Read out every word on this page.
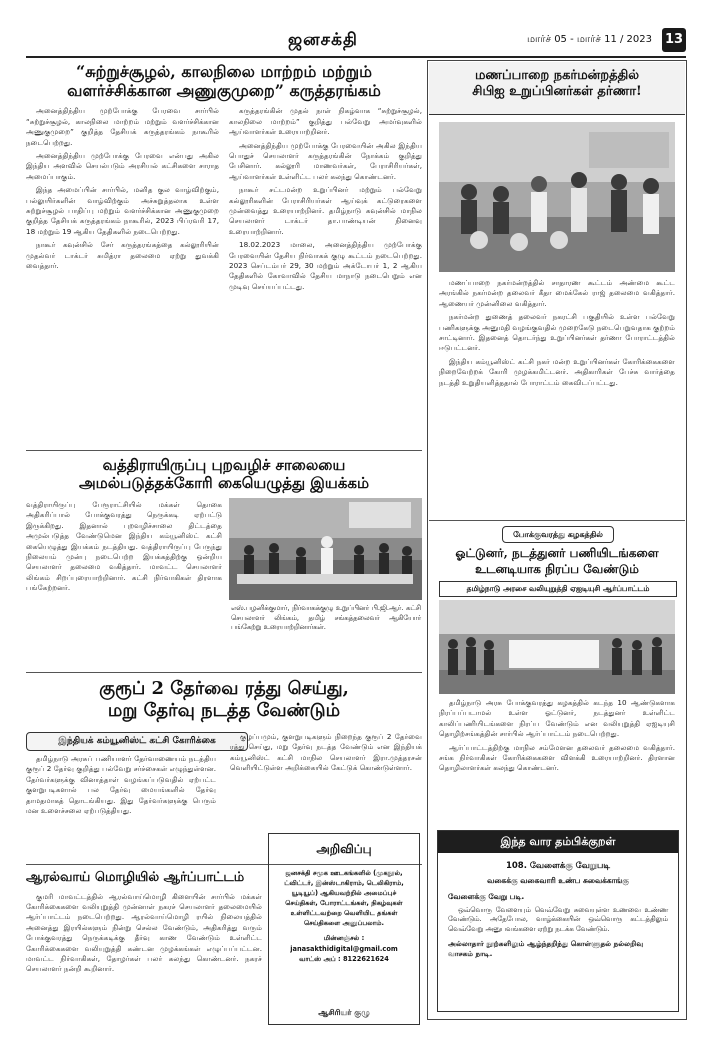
ஜனசக்தி	மார்ச் 05 - மார்ச் 11 / 2023 13
“சுற்றுச்சூழல், காலநிலை மாற்றம் மற்றும்
வளர்ச்சிக்கான அணுகுமுறை” கருத்தரங்கம்

அனைத்திந்திய முற்போக்கு பேரவை சார்பில் “சுற்றுச்சூழல், காலநிலை மாற்றம் மற்றும் வளர்ச்சிக்கான அணுகுமுறை” குறித்த தேசியக் கருத்தரங்கம் நாகூரில் நடைபெற்றது.

அனைத்திந்திய முற்போக்கு பேரவை என்பது அகில இந்திய அளவில் செயல்படும் அரசியல் கட்சிகளை சாராத அமைப்பாகும்.

இந்த அமைப்பின் சார்பில், மனித குல வாழ்விற்கும், பல்லுயிர்களின் வாழ்விற்கும் அச்சுறுத்தலாக உள்ள சுற்றுச்சூழல் பாதிப்பு மற்றும் வளர்ச்சிக்கான அணுகுமுறை குறித்த தேசியக் கருத்தரங்கம் நாகூரில், 2023 பிப்ரவரி 17, 18 மற்றும் 19 ஆகிய தேதிகளில் நடைபெற்றது.

நாகூர் கவுன்சில் சேர் கருத்தரங்கத்தை கல்லூரியின் முதல்வர் டாக்டர் சுமித்ரா தலைமை ஏற்று துவக்கி வைத்தார்.

கருத்தரங்கின் முதல் நாள் நிகழ்வாக “சுற்றுச்சூழல், காலநிலை மாற்றம்” குறித்து பல்வேறு அமர்வுகளில் ஆய்வாளர்கள் உரையாற்றினர்.

அனைத்திந்திய முற்போக்கு பேரவையின் அகில இந்திய பொதுச் செயலாளர் கருத்தரங்கின் நோக்கம் குறித்து பேசினார். கல்லூரி மாணவர்கள், பேராசிரியர்கள், ஆய்வாளர்கள் உள்ளிட்ட பலர் கலந்து கொண்டனர்.

நாகூர் சட்டமன்ற உறுப்பினர் மற்றும் பல்வேறு கல்லூரிகளின் பேராசிரியர்கள் ஆய்வுக் கட்டுரைகளை முன்வைத்து உரையாற்றினர். தமிழ்நாடு கவுன்சில் மாநில செயலாளர் டாக்டர் தா.பாண்டியன் நினைவு உரையாற்றினார்.

18.02.2023 மாலை, அனைத்திந்திய முற்போக்கு பேரவையின் தேசிய நிர்வாகக் குழு கூட்டம் நடைபெற்றது. 2023 செப்டம்பர் 29, 30 மற்றும் அக்டோபர் 1, 2 ஆகிய தேதிகளில் கோவாவில் தேசிய மாநாடு நடைபெறும் என முடிவு செய்யப்பட்டது.

வத்திராயிருப்பு புறவழிச் சாலையை
அமல்படுத்தக்கோரி கையெழுத்து இயக்கம்
வத்திராயிருப்பு பேரூராட்சியில் மக்கள் தொகை அதிகரிப்பால் போக்குவரத்து நெருக்கடி ஏற்பட்டு இருக்கிறது. இதனால் புறவழிச்சாலை திட்டத்தை அமுல்படுத்த வேண்டுமென இந்திய கம்யூனிஸ்ட் கட்சி கையெழுத்து இயக்கம் நடத்தியது. வத்திராயிருப்பு பேருந்து நிலையம் முன்பு நடைபெற்ற இயக்கத்திற்கு ஒன்றிய செயலாளர் தலைமை வகித்தார். மாவட்ட செயலாளர் லிங்கம் சிறப்புரையாற்றினார். கட்சி நிர்வாகிகள் திரளாக பங்கேற்றனர்.
எஸ்.பழனிக்குமார், நிர்வாகக்குழு உறுப்பினர் பி.ஜி.ஆர். கட்சி செயலாளர் லிங்கம், தமிழ் சங்கத்தலைவர் ஆகியோர் பங்கேற்று உரையாற்றினார்கள்.
குரூப் 2 தேர்வை ரத்து செய்து,
மறு தேர்வு நடத்த வேண்டும்
இந்தியக் கம்யூனிஸ்ட் கட்சி கோரிக்கை
தமிழ்நாடு அரசுப் பணியாளர் தேர்வாணையம் நடத்திய குரூப் 2 தேர்வு குறித்து பல்வேறு சர்ச்சைகள் எழுந்துள்ளன. தேர்வர்களுக்கு வினாத்தாள் வழங்கப்படுவதில் ஏற்பட்ட குளறுபடிகளால் பல தேர்வு மையங்களில் தேர்வு தாமதமாகத் தொடங்கியது. இது தேர்வர்களுக்கு பெரும் மன உளைச்சலை ஏற்படுத்தியது.
குழப்பமும், குளறுபடிகளும் நிறைந்த குரூப் 2 தேர்வை ரத்து செய்து, மறு தேர்வு நடத்த வேண்டும் என இந்தியக் கம்யூனிஸ்ட் கட்சி மாநில செயலாளர் இரா.முத்தரசன் வெளியிட்டுள்ள அறிக்கையில் கேட்டுக் கொண்டுள்ளார்.
ஆரல்வாய் மொழியில் ஆர்ப்பாட்டம்
குமரி மாவட்டத்தில் ஆரல்வாய்மொழி கிளையின் சார்பில் மக்கள் கோரிக்கைகளை வலியுறுத்தி முன்னாள் நகரச் செயலாளர் தலைமையில் ஆர்ப்பாட்டம் நடைபெற்றது. ஆரல்வாய்மொழி ரயில் நிலையத்தில் அனைத்து இரயில்களும் நின்று செல்ல வேண்டும், அதிகரித்து வரும் போக்குவரத்து நெருக்கடிக்கு தீர்வு காண வேண்டும் உள்ளிட்ட கோரிக்கைகளை வலியுறுத்தி கண்டன முழக்கங்கள் எழுப்பப்பட்டன. மாவட்ட நிர்வாகிகள், தோழர்கள் பலர் கலந்து கொண்டனர். நகரச் செயலாளர் நன்றி கூறினார்.
அறிவிப்பு
ஜனசக்தி சமூக ஊடகங்களில் (முகநூல், ட்விட்டர், இன்ஸ்டாகிராம், டெலிகிராம், யூடியூப்) ஆகியவற்றில் அமைப்புச் செய்திகள், போராட்டங்கள், நிகழ்வுகள் உள்ளிட்டவற்றை வெளியிட தங்கள் செய்திகளை அனுப்பலாம்.
மின்னஞ்சல் :
janasakthidigital@gmail.com
வாட்ஸ் அப் : 8122621624
ஆசிரியர் குழு
மணப்பாறை நகர்மன்றத்தில்
சிபிஐ உறுப்பினர்கள் தர்ணா!

மணப்பாறை நகர்மன்றத்தில் சாதாரண கூட்டம் அண்மை கூட்ட அரங்கில் நகர்மன்ற தலைவர் கீதா மைக்கேல் ராஜ் தலைமை வகித்தார். ஆணையர் முன்னிலை வகித்தார்.

நகர்மன்ற துணைத் தலைவர் நகரட்சி பகுதியில் உள்ள பல்வேறு பணிகளுக்கு அனுமதி வழங்குவதில் முறைகேடு நடைபெறுவதாக குற்றம் சாட்டினார். இதனைத் தொடர்ந்து உறுப்பினர்கள் தர்ணா போராட்டத்தில் ஈடுபட்டனர்.

இந்திய கம்யூனிஸ்ட் கட்சி நகர் மன்ற உறுப்பினர்கள் கோரிக்கைகளை நிறைவேற்றக் கோரி முழக்கமிட்டனர். அதிகாரிகள் பேச்சு வார்த்தை நடத்தி உறுதியளித்ததால் போராட்டம் கைவிடப்பட்டது.

போக்குவரத்து கழகத்தில்
ஓட்டுனர், நடத்துனர் பணியிடங்களை
உடனடியாக நிரப்ப வேண்டும்
தமிழ்நாடு அரசை வலியுறுத்தி ஏஐடியுசி ஆர்ப்பாட்டம்

தமிழ்நாடு அரசு போக்குவரத்து கழகத்தில் கடந்த 10 ஆண்டுகளாக நிரப்பப்படாமல் உள்ள ஓட்டுனர், நடத்துனர் உள்ளிட்ட காலிப்பணியிடங்களை நிரப்ப வேண்டும் என வலியுறுத்தி ஏஐடியுசி தொழிற்சங்கத்தின் சார்பில் ஆர்ப்பாட்டம் நடைபெற்றது.

ஆர்ப்பாட்டத்திற்கு மாநில சம்மேளன தலைவர் தலைமை வகித்தார். சங்க நிர்வாகிகள் கோரிக்கைகளை விளக்கி உரையாற்றினர். திரளான தொழிலாளர்கள் கலந்து கொண்டனர்.

இந்த வார தம்பிக்குறள்
108. வேளைக்கு வேறுபடி
வகைக்கு வகைவாரி உண்ப சுவைக்காங்கு
வேளைக்கு வேறு படி.
ஒவ்வொரு வேளையும் வெவ்வேறு சுவையுள்ள உணவை உண்ண வேண்டும். அதேபோல, வாழ்க்கையின் ஒவ்வொரு கட்டத்திலும் வெவ்வேறு அனுபவங்களை ஏற்று நடக்க வேண்டும்.
அல்லாதார் நூற்களிலும் ஆழ்ந்தறிந்து கொள்ளுதல் நல்லறிவு வாசகம் நாடி.
